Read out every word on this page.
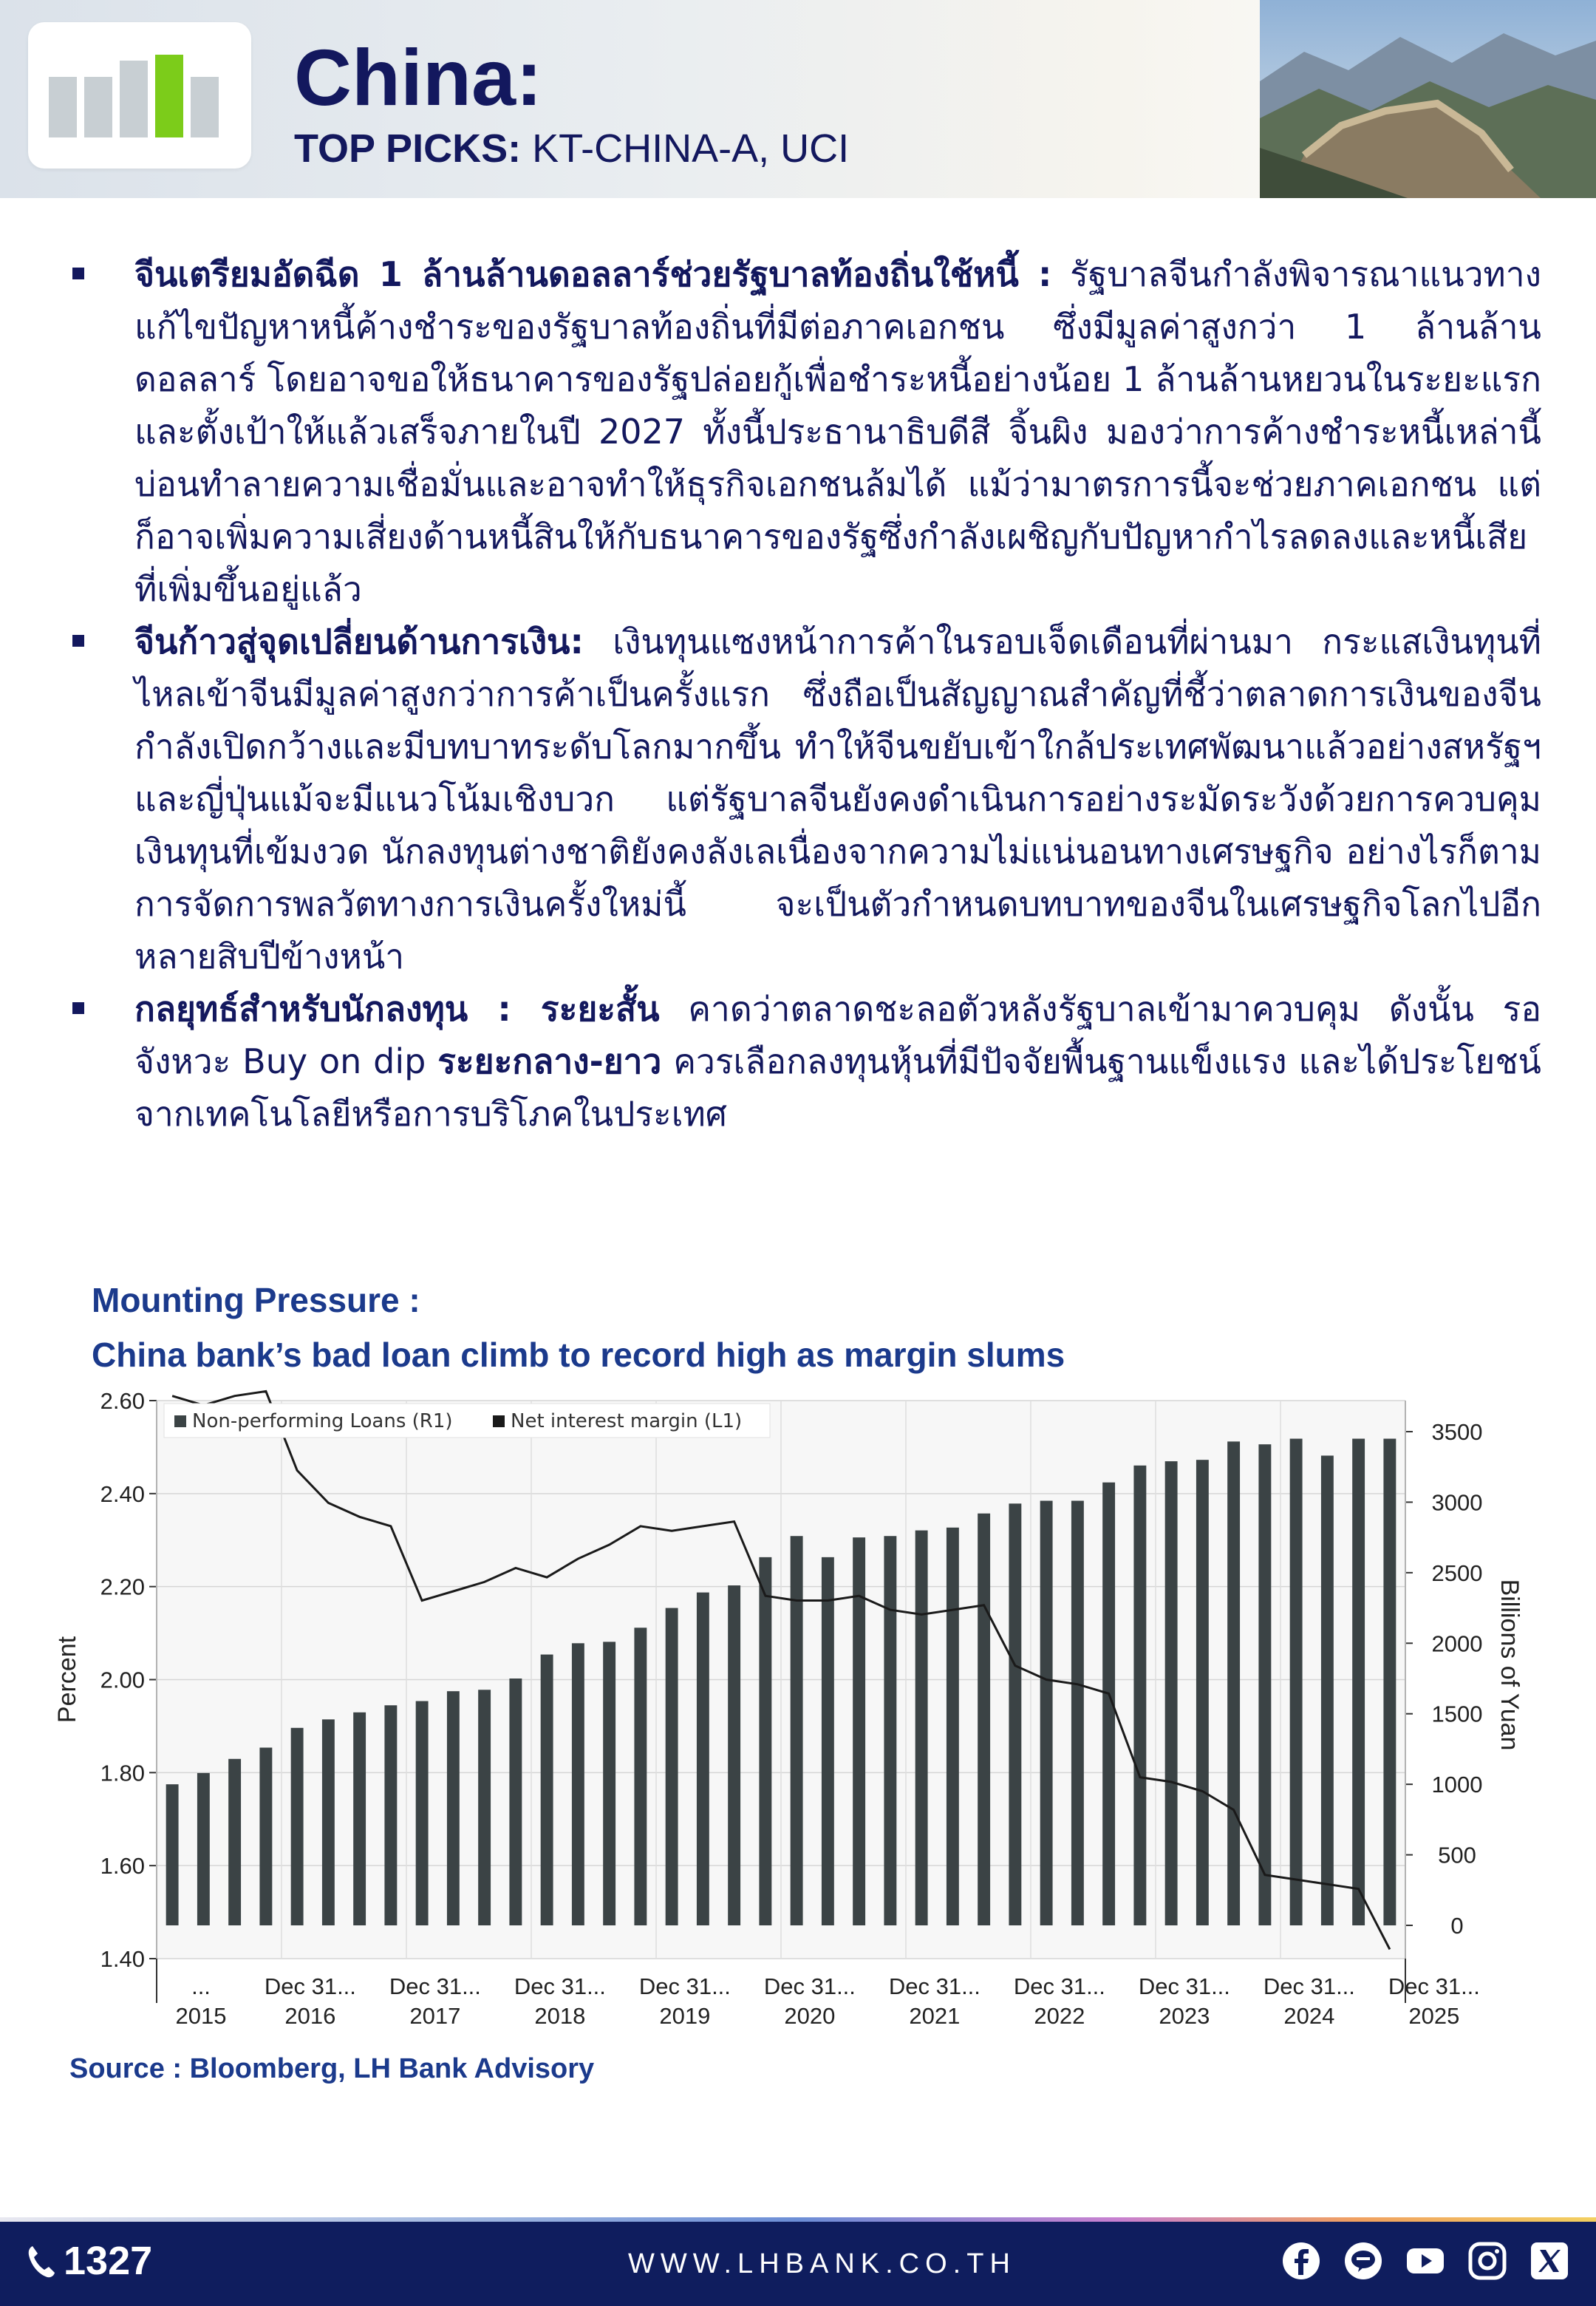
China:
TOP PICKS: KT-CHINA-A, UCI
จีนเตรียมอัดฉีด 1 ล้านล้านดอลลาร์ช่วยรัฐบาลท้องถิ่นใช้หนี้ : รัฐบาลจีนกำลังพิจารณาแนวทางแก้ไขปัญหาหนี้ค้างชำระของรัฐบาลท้องถิ่นที่มีต่อภาคเอกชน ซึ่งมีมูลค่าสูงกว่า 1 ล้านล้านดอลลาร์ โดยอาจขอให้ธนาคารของรัฐปล่อยกู้เพื่อชำระหนี้อย่างน้อย 1 ล้านล้านหยวนในระยะแรก และตั้งเป้าให้แล้วเสร็จภายในปี 2027 ทั้งนี้ประธานาธิบดีสี จิ้นผิง มองว่าการค้างชำระหนี้เหล่านี้บ่อนทำลายความเชื่อมั่นและอาจทำให้ธุรกิจเอกชนล้มได้ แม้ว่ามาตรการนี้จะช่วยภาคเอกชน แต่ก็อาจเพิ่มความเสี่ยงด้านหนี้สินให้กับธนาคารของรัฐซึ่งกำลังเผชิญกับปัญหากำไรลดลงและหนี้เสียที่เพิ่มขึ้นอยู่แล้ว
จีนก้าวสู่จุดเปลี่ยนด้านการเงิน: เงินทุนแซงหน้าการค้าในรอบเจ็ดเดือนที่ผ่านมา กระแสเงินทุนที่ไหลเข้าจีนมีมูลค่าสูงกว่าการค้าเป็นครั้งแรก ซึ่งถือเป็นสัญญาณสำคัญที่ชี้ว่าตลาดการเงินของจีนกำลังเปิดกว้างและมีบทบาทระดับโลกมากขึ้น ทำให้จีนขยับเข้าใกล้ประเทศพัฒนาแล้วอย่างสหรัฐฯ และญี่ปุ่นแม้จะมีแนวโน้มเชิงบวก แต่รัฐบาลจีนยังคงดำเนินการอย่างระมัดระวังด้วยการควบคุมเงินทุนที่เข้มงวด นักลงทุนต่างชาติยังคงลังเลเนื่องจากความไม่แน่นอนทางเศรษฐกิจ อย่างไรก็ตาม การจัดการพลวัตทางการเงินครั้งใหม่นี้ จะเป็นตัวกำหนดบทบาทของจีนในเศรษฐกิจโลกไปอีกหลายสิบปีข้างหน้า
กลยุทธ์สำหรับนักลงทุน : ระยะสั้น คาดว่าตลาดชะลอตัวหลังรัฐบาลเข้ามาควบคุม ดังนั้น รอจังหวะ Buy on dip ระยะกลาง-ยาว ควรเลือกลงทุนหุ้นที่มีปัจจัยพื้นฐานแข็งแรง และได้ประโยชน์จากเทคโนโลยีหรือการบริโภคในประเทศ
Mounting Pressure :
China bank’s bad loan climb to record high as margin slums
1.40
1.60
1.80
2.00
2.20
2.40
2.60
0
500
1000
1500
2000
2500
3000
3500
Non-performing Loans (R1)	Net interest margin (L1)
... Dec 31... Dec 31... Dec 31... Dec 31... Dec 31... Dec 31... Dec 31... Dec 31... Dec 31... Dec 31...
2015	2016	2017	2018	2019	2020	2021	2022	2023	2024	2025
Percent	Billions of Yuan
Source : Bloomberg, LH Bank Advisory
1327	WWW.LHBANK.CO.TH
